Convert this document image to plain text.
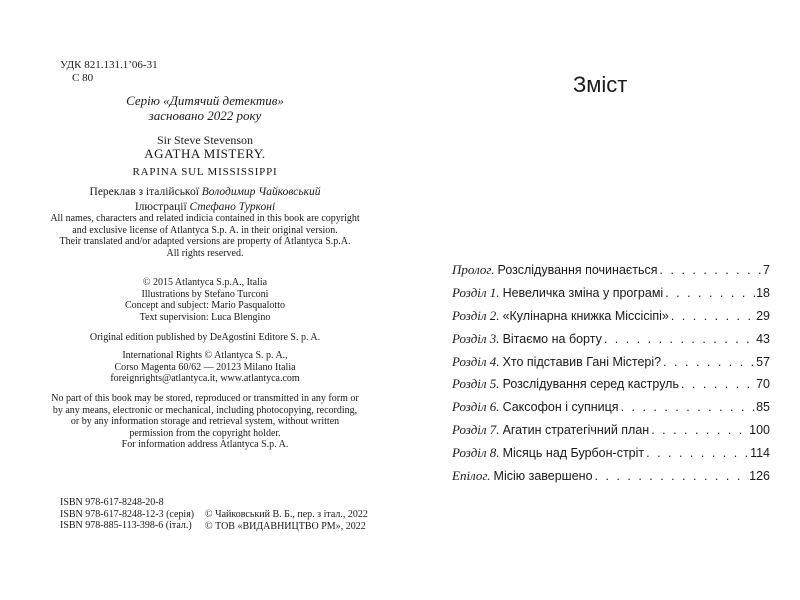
УДК 821.131.1’06-31
С 80
Серію «Дитячий детектив»
засновано 2022 року
Sir Steve Stevenson
AGATHA MISTERY.
RAPINA SUL MISSISSIPPI
Переклав з італійської Володимир Чайковський
Ілюстрації Стефано Турконі
All names, characters and related indicia contained in this book are copyright
and exclusive license of Atlantyca S.p. A. in their original version.
Their translated and/or adapted versions are property of Atlantyca S.p.A.
All rights reserved.
© 2015 Atlantyca S.p.A., Italia
Illustrations by Stefano Turconi
Concept and subject: Mario Pasqualotto
Text supervision: Luca Blengino
Original edition published by DeAgostini Editore S. p. A.
International Rights © Atlantyca S. p. A.,
Corso Magenta 60/62 — 20123 Milano Italia
foreignrights@atlantyca.it, www.atlantyca.com
No part of this book may be stored, reproduced or transmitted in any form or
by any means, electronic or mechanical, including photocopying, recording,
or by any information storage and retrieval system, without written
permission from the copyright holder.
For information address Atlantyca S.p. A.
ISBN 978-617-8248-20-8
ISBN 978-617-8248-12-3 (серія)
ISBN 978-885-113-398-6 (італ.)
© Чайковський В. Б., пер. з італ., 2022
© ТОВ «ВИДАВНИЦТВО РМ», 2022
Зміст
Пролог. Розслідування починається . . .	7
Розділ 1. Невеличка зміна у програмі . . .	18
Розділ 2. «Кулінарна книжка Міссісіпі» . . .	29
Розділ 3. Вітаємо на борту . . .	43
Розділ 4. Хто підставив Гані Містері? . . .	57
Розділ 5. Розслідування серед каструль . . .	70
Розділ 6. Саксофон і супниця . . .	85
Розділ 7. Агатин стратегічний план . . .	100
Розділ 8. Місяць над Бурбон-стріт . . .	114
Епілог. Місію завершено . . .	126
